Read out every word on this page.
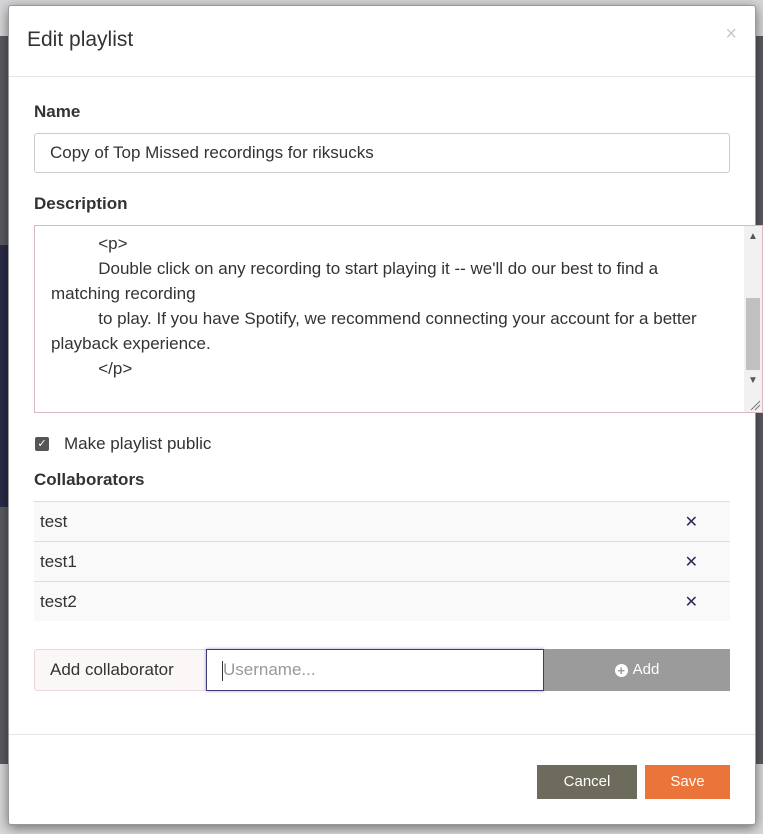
Edit playlist	×
Name
Copy of Top Missed recordings for riksucks
Description
<p>
Double click on any recording to start playing it -- we'll do our best to find a matching recording
to play. If you have Spotify, we recommend connecting your account for a better playback experience.
</p>
▲
▼
✓ Make playlist public
Collaborators
test	✕
test1	✕
test2	✕
Add collaborator	Username...	+ Add
Cancel	Save
